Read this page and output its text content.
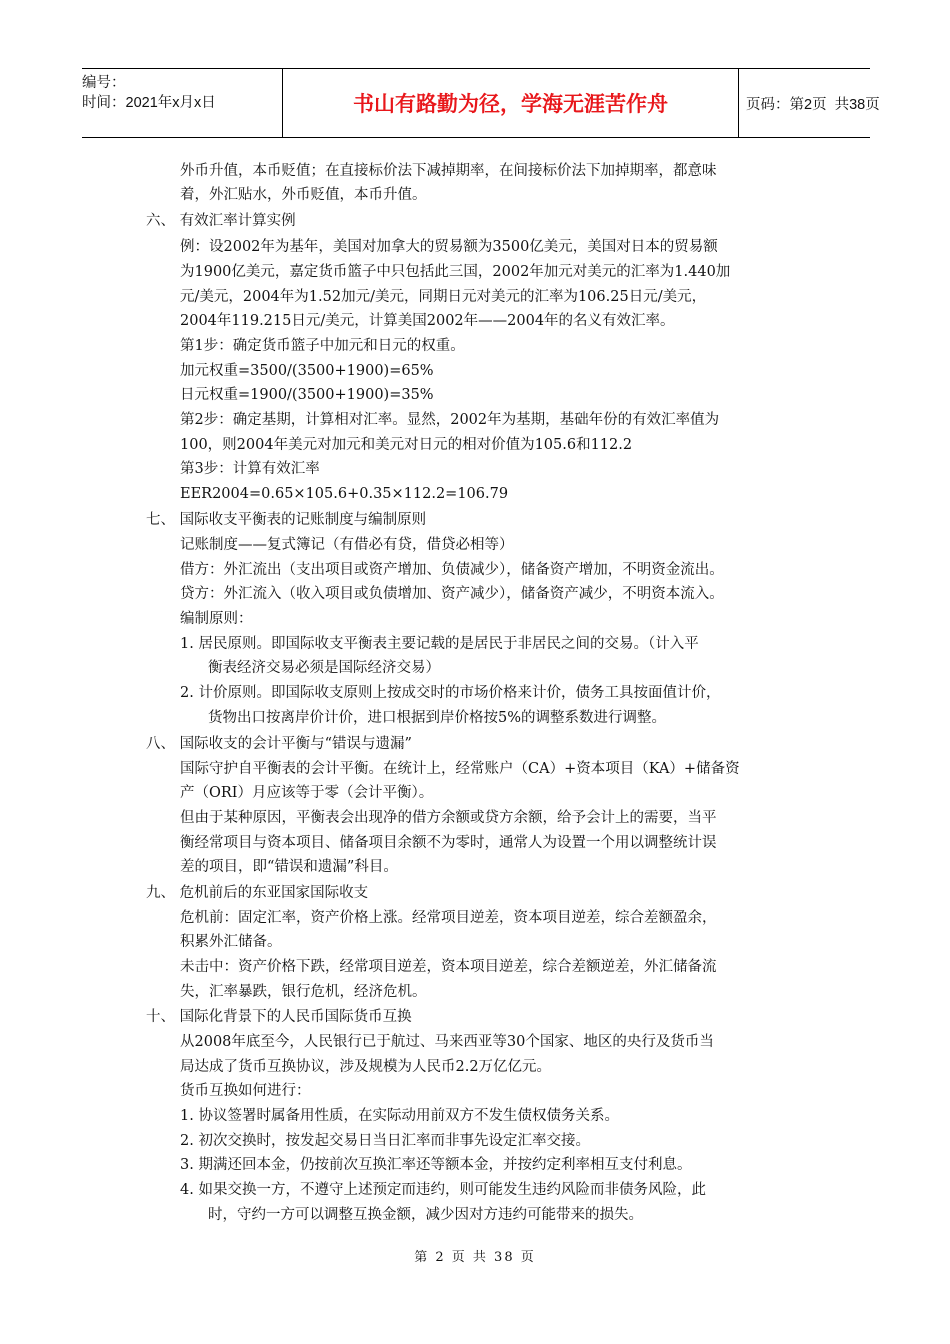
编号：
时间：2021年x月x日	书山有路勤为径，学海无涯苦作舟	页码：第2页  共38页
外币升值，本币贬值；在直接标价法下减掉期率，在间接标价法下加掉期率，都意味
着，外汇贴水，外币贬值，本币升值。
六、 有效汇率计算实例
例：设2002年为基年，美国对加拿大的贸易额为3500亿美元，美国对日本的贸易额
为1900亿美元，嘉定货币篮子中只包括此三国，2002年加元对美元的汇率为1.440加
元/美元，2004年为1.52加元/美元，同期日元对美元的汇率为106.25日元/美元，
2004年119.215日元/美元，计算美国2002年——2004年的名义有效汇率。
第1步：确定货币篮子中加元和日元的权重。
加元权重=3500/(3500+1900)=65%
日元权重=1900/(3500+1900)=35%
第2步：确定基期，计算相对汇率。显然，2002年为基期，基础年份的有效汇率值为
100，则2004年美元对加元和美元对日元的相对价值为105.6和112.2
第3步：计算有效汇率
EER2004=0.65×105.6+0.35×112.2=106.79
七、 国际收支平衡表的记账制度与编制原则
记账制度——复式簿记（有借必有贷，借贷必相等）
借方：外汇流出（支出项目或资产增加、负债减少），储备资产增加，不明资金流出。
贷方：外汇流入（收入项目或负债增加、资产减少），储备资产减少，不明资本流入。
编制原则：
1. 居民原则。即国际收支平衡表主要记载的是居民于非居民之间的交易。（计入平
衡表经济交易必须是国际经济交易）
2. 计价原则。即国际收支原则上按成交时的市场价格来计价，债务工具按面值计价，
货物出口按离岸价计价，进口根据到岸价格按5%的调整系数进行调整。
八、 国际收支的会计平衡与“错误与遗漏”
国际守护自平衡表的会计平衡。在统计上，经常账户（CA）+资本项目（KA）+储备资
产（ORI）月应该等于零（会计平衡）。
但由于某种原因，平衡表会出现净的借方余额或贷方余额，给予会计上的需要，当平
衡经常项目与资本项目、储备项目余额不为零时，通常人为设置一个用以调整统计误
差的项目，即“错误和遗漏”科目。
九、 危机前后的东亚国家国际收支
危机前：固定汇率，资产价格上涨。经常项目逆差，资本项目逆差，综合差额盈余，
积累外汇储备。
未击中：资产价格下跌，经常项目逆差，资本项目逆差，综合差额逆差，外汇储备流
失，汇率暴跌，银行危机，经济危机。
十、 国际化背景下的人民币国际货币互换
从2008年底至今，人民银行已于航过、马来西亚等30个国家、地区的央行及货币当
局达成了货币互换协议，涉及规模为人民币2.2万亿亿元。
货币互换如何进行：
1. 协议签署时属备用性质，在实际动用前双方不发生债权债务关系。
2. 初次交换时，按发起交易日当日汇率而非事先设定汇率交接。
3. 期满还回本金，仍按前次互换汇率还等额本金，并按约定利率相互支付利息。
4. 如果交换一方，不遵守上述预定而违约，则可能发生违约风险而非债务风险，此
时，守约一方可以调整互换金额，减少因对方违约可能带来的损失。
第 2 页 共 38 页
